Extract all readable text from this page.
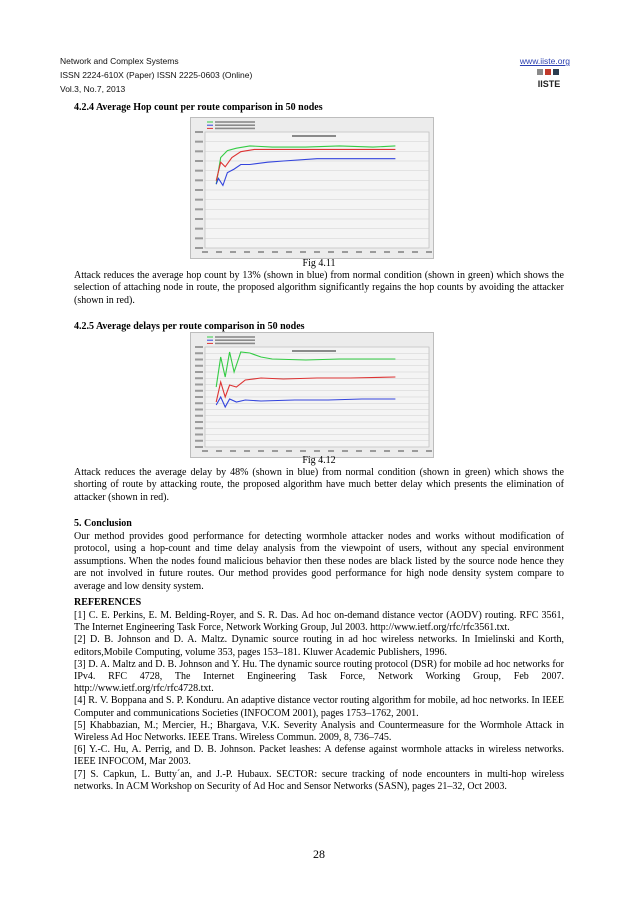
Network and Complex Systems
ISSN 2224-610X (Paper) ISSN 2225-0603 (Online)
Vol.3, No.7, 2013
www.iiste.org
IISTE
4.2.4 Average Hop count per route comparison in 50 nodes
Fig 4.11
Attack reduces the average hop count by 13% (shown in blue) from normal condition (shown in green) which shows the selection of attaching node in route, the proposed algorithm significantly regains the hop counts by avoiding the attacker (shown in red).
4.2.5 Average delays per route comparison in 50 nodes
Fig 4.12
Attack reduces the average delay by 48% (shown in blue) from normal condition (shown in green) which shows the shorting of route by attacking route, the proposed algorithm have much better delay which presents the elimination of attacker (shown in red).
5. Conclusion
Our method provides good performance for detecting wormhole attacker nodes and works without modification of protocol, using a hop-count and time delay analysis from the viewpoint of users, without any special environment assumptions. When the nodes found malicious behavior then these nodes are black listed by the source node hence they are not involved in future routes. Our method provides good performance for high node density system compare to average and low density system.
REFERENCES

[1] C. E. Perkins, E. M. Belding-Royer, and S. R. Das. Ad hoc on-demand distance vector (AODV) routing. RFC 3561, The Internet Engineering Task Force, Network Working Group, Jul 2003. http://www.ietf.org/rfc/rfc3561.txt.

[2] D. B. Johnson and D. A. Maltz. Dynamic source routing in ad hoc wireless networks. In Imielinski and Korth, editors,Mobile Computing, volume 353, pages 153–181. Kluwer Academic Publishers, 1996.

[3] D. A. Maltz and D. B. Johnson and Y. Hu. The dynamic source routing protocol (DSR) for mobile ad hoc networks for IPv4. RFC 4728, The Internet Engineering Task Force, Network Working Group, Feb 2007. http://www.ietf.org/rfc/rfc4728.txt.

[4] R. V. Boppana and S. P. Konduru. An adaptive distance vector routing algorithm for mobile, ad hoc networks. In IEEE Computer and communications Societies (INFOCOM 2001), pages 1753–1762, 2001.

[5] Khabbazian, M.; Mercier, H.; Bhargava, V.K. Severity Analysis and Countermeasure for the Wormhole Attack in Wireless Ad Hoc Networks. IEEE Trans. Wireless Commun. 2009, 8, 736–745.

[6] Y.-C. Hu, A. Perrig, and D. B. Johnson. Packet leashes: A defense against wormhole attacks in wireless networks. IEEE INFOCOM, Mar 2003.

[7] S. Capkun, L. Butty´an, and J.-P. Hubaux. SECTOR: secure tracking of node encounters in multi-hop wireless networks. In ACM Workshop on Security of Ad Hoc and Sensor Networks (SASN), pages 21–32, Oct 2003.

28
